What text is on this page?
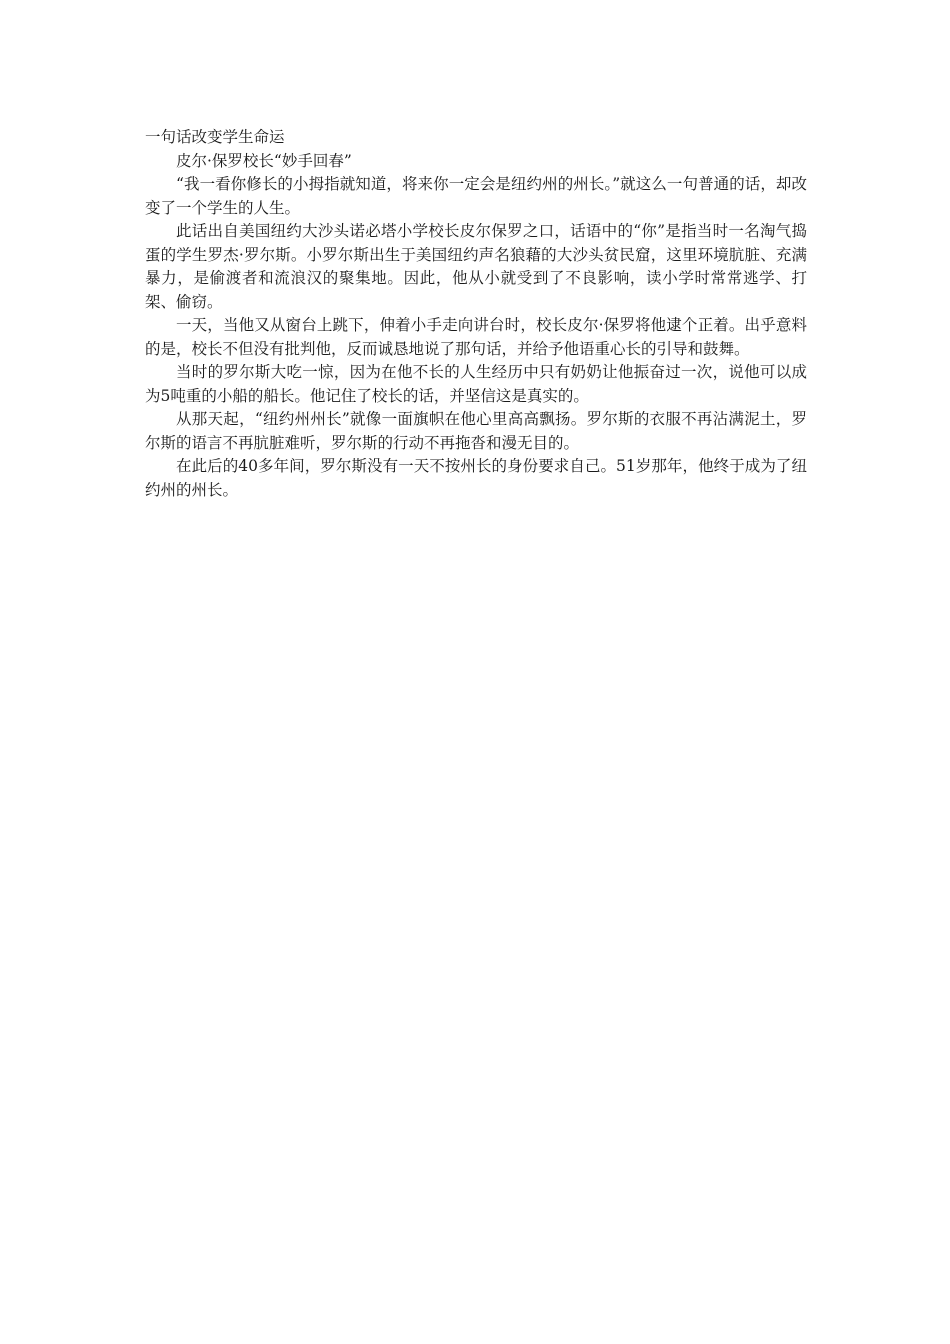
一句话改变学生命运

皮尔·保罗校长“妙手回春”

“我一看你修长的小拇指就知道，将来你一定会是纽约州的州长。”就这么一句普通的话，却改变了一个学生的人生。

此话出自美国纽约大沙头诺必塔小学校长皮尔保罗之口，话语中的“你”是指当时一名淘气捣蛋的学生罗杰·罗尔斯。小罗尔斯出生于美国纽约声名狼藉的大沙头贫民窟，这里环境肮脏、充满暴力，是偷渡者和流浪汉的聚集地。因此，他从小就受到了不良影响，读小学时常常逃学、打架、偷窃。

一天，当他又从窗台上跳下，伸着小手走向讲台时，校长皮尔·保罗将他逮个正着。出乎意料的是，校长不但没有批判他，反而诚恳地说了那句话，并给予他语重心长的引导和鼓舞。

当时的罗尔斯大吃一惊，因为在他不长的人生经历中只有奶奶让他振奋过一次，说他可以成为5吨重的小船的船长。他记住了校长的话，并坚信这是真实的。

从那天起，“纽约州州长”就像一面旗帜在他心里高高飘扬。罗尔斯的衣服不再沾满泥土，罗尔斯的语言不再肮脏难听，罗尔斯的行动不再拖沓和漫无目的。

在此后的40多年间，罗尔斯没有一天不按州长的身份要求自己。51岁那年，他终于成为了纽约州的州长。
